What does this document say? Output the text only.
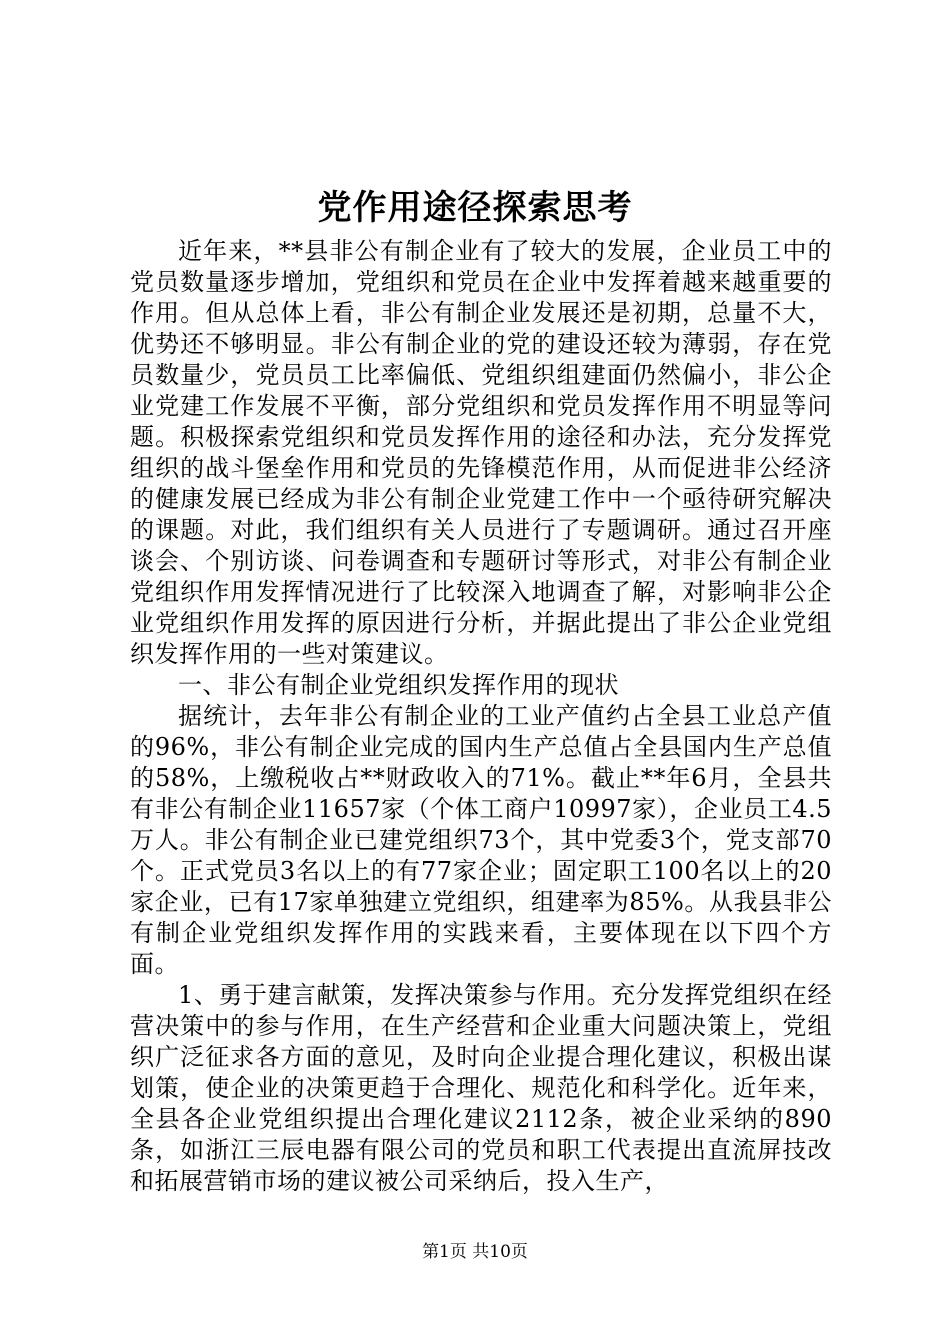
党作用途径探索思考

近年来，**县非公有制企业有了较大的发展，企业员工中的党员数量逐步增加，党组织和党员在企业中发挥着越来越重要的作用。但从总体上看，非公有制企业发展还是初期，总量不大，优势还不够明显。非公有制企业的党的建设还较为薄弱，存在党员数量少，党员员工比率偏低、党组织组建面仍然偏小，非公企业党建工作发展不平衡，部分党组织和党员发挥作用不明显等问题。积极探索党组织和党员发挥作用的途径和办法，充分发挥党组织的战斗堡垒作用和党员的先锋模范作用，从而促进非公经济的健康发展已经成为非公有制企业党建工作中一个亟待研究解决的课题。对此，我们组织有关人员进行了专题调研。通过召开座谈会、个别访谈、问卷调查和专题研讨等形式，对非公有制企业党组织作用发挥情况进行了比较深入地调查了解，对影响非公企业党组织作用发挥的原因进行分析，并据此提出了非公企业党组织发挥作用的一些对策建议。

一、非公有制企业党组织发挥作用的现状

据统计，去年非公有制企业的工业产值约占全县工业总产值的96%，非公有制企业完成的国内生产总值占全县国内生产总值的58%，上缴税收占**财政收入的71%。截止**年6月，全县共有非公有制企业11657家（个体工商户10997家），企业员工4.5万人。非公有制企业已建党组织73个，其中党委3个，党支部70个。正式党员3名以上的有77家企业；固定职工100名以上的20家企业，已有17家单独建立党组织，组建率为85%。从我县非公有制企业党组织发挥作用的实践来看，主要体现在以下四个方面。

1、勇于建言献策，发挥决策参与作用。充分发挥党组织在经营决策中的参与作用，在生产经营和企业重大问题决策上，党组织广泛征求各方面的意见，及时向企业提合理化建议，积极出谋划策，使企业的决策更趋于合理化、规范化和科学化。近年来，全县各企业党组织提出合理化建议2112条，被企业采纳的890条，如浙江三辰电器有限公司的党员和职工代表提出直流屏技改和拓展营销市场的建议被公司采纳后，投入生产，

第1页 共10页
